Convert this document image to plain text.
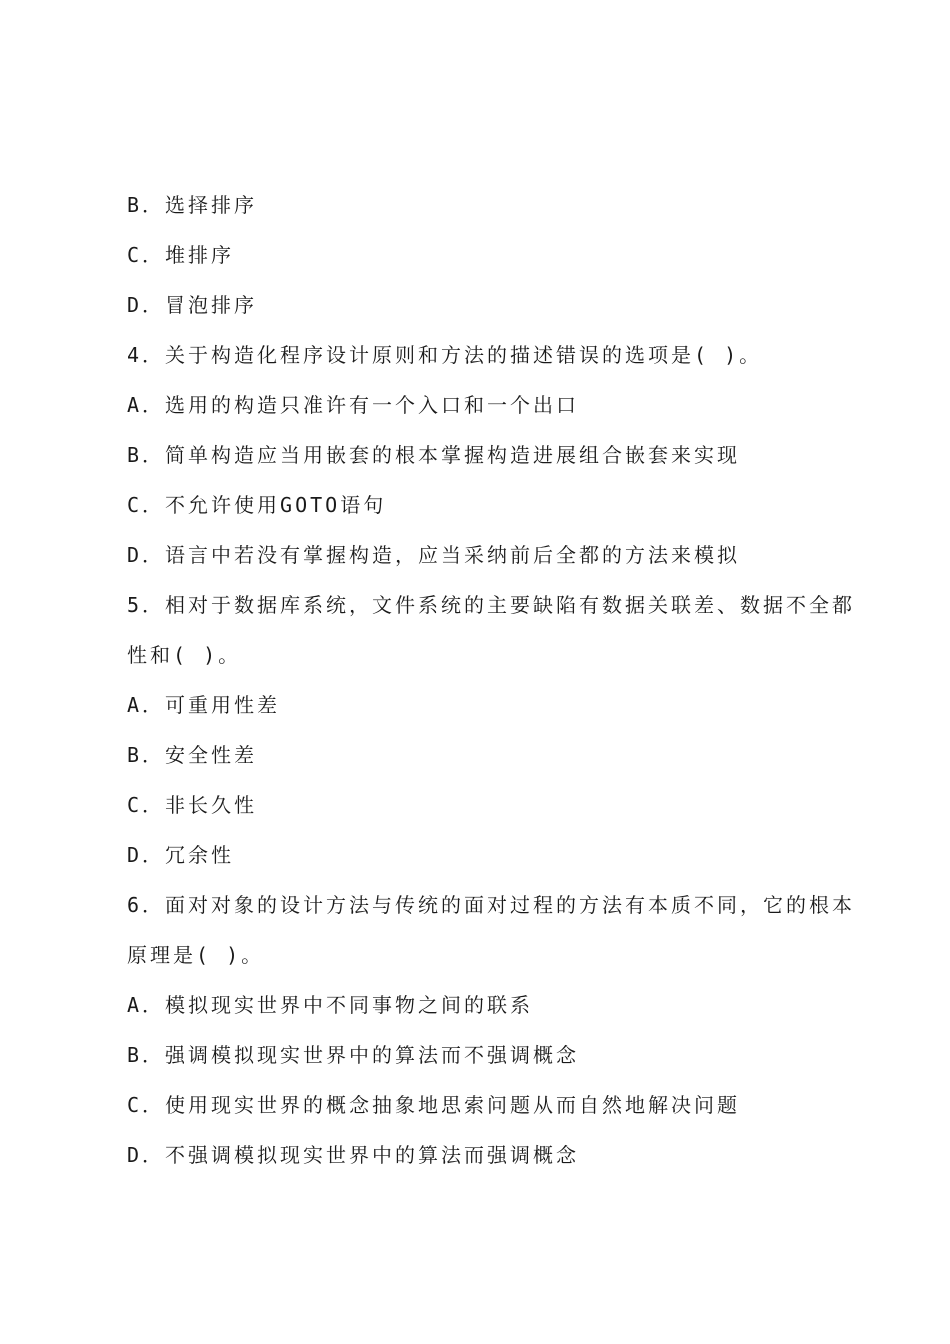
B．选择排序
C．堆排序
D．冒泡排序
4．关于构造化程序设计原则和方法的描述错误的选项是( )。
A．选用的构造只准许有一个入口和一个出口
B．简单构造应当用嵌套的根本掌握构造进展组合嵌套来实现
C．不允许使用GOTO语句
D．语言中若没有掌握构造，应当采纳前后全都的方法来模拟
5．相对于数据库系统，文件系统的主要缺陷有数据关联差、数据不全都
性和( )。
A．可重用性差
B．安全性差
C．非长久性
D．冗余性
6．面对对象的设计方法与传统的面对过程的方法有本质不同，它的根本
原理是( )。
A．模拟现实世界中不同事物之间的联系
B．强调模拟现实世界中的算法而不强调概念
C．使用现实世界的概念抽象地思索问题从而自然地解决问题
D．不强调模拟现实世界中的算法而强调概念
